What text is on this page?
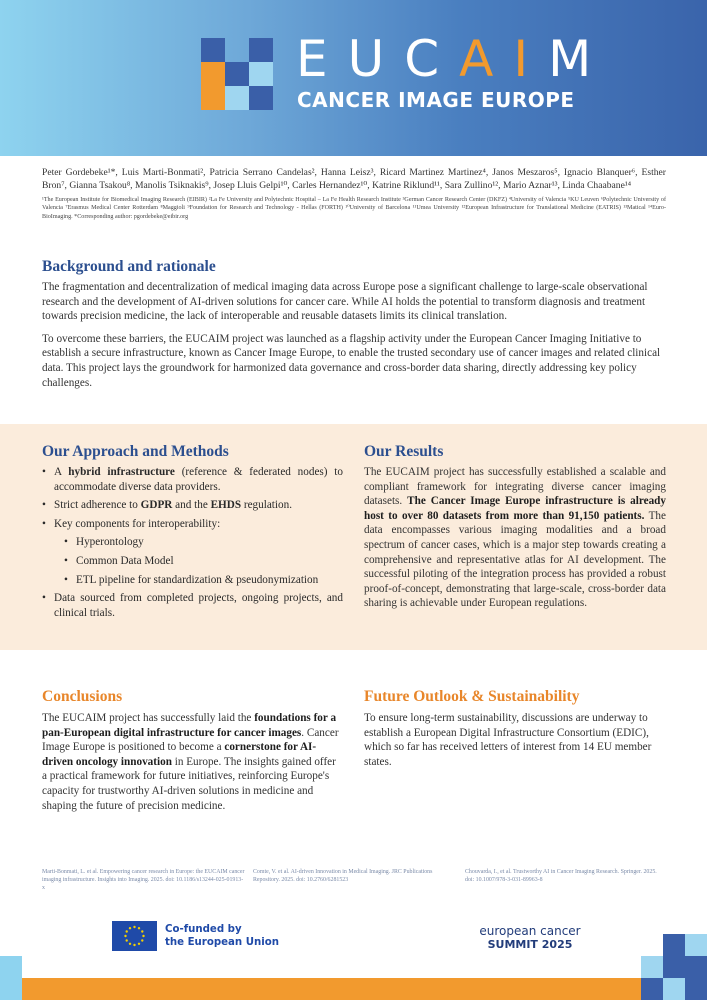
EUCAIM
CANCER IMAGE EUROPE
Peter Gordebeke¹*, Luis Marti-Bonmati², Patricia Serrano Candelas², Hanna Leisz³, Ricard Martinez Martinez⁴, Janos Meszaros⁵, Ignacio Blanquer⁶, Esther Bron⁷, Gianna Tsakou⁸, Manolis Tsiknakis⁹, Josep Lluis Gelpi¹⁰, Carles Hernandez¹⁰, Katrine Riklund¹¹, Sara Zullino¹², Mario Aznar¹³, Linda Chaabane¹⁴
¹The European Institute for Biomedical Imaging Research (EIBIR) ²La Fe University and Polytechnic Hospital – La Fe Health Research Institute ³German Cancer Research Center (DKFZ) ⁴University of Valencia ⁵KU Leuven ⁶Polytechnic University of Valencia ⁷Erasmus Medical Center Rotterdam ⁸Maggioli ⁹Foundation for Research and Technology - Hellas (FORTH) ¹⁰University of Barcelona ¹¹Umea University ¹²European Infrastructure for Translational Medicine (EATRIS) ¹³Matical ¹⁴Euro-BioImaging. *Corresponding author: pgordebeke@eibir.org
Background and rationale

The fragmentation and decentralization of medical imaging data across Europe pose a significant challenge to large-scale observational research and the development of AI-driven solutions for cancer care. While AI holds the potential to transform diagnosis and treatment towards precision medicine, the lack of interoperable and reusable datasets limits its clinical translation.

To overcome these barriers, the EUCAIM project was launched as a flagship activity under the European Cancer Imaging Initiative to establish a secure infrastructure, known as Cancer Image Europe, to enable the trusted secondary use of cancer images and related clinical data. This project lays the groundwork for harmonized data governance and cross-border data sharing, directly addressing key policy challenges.

Our Approach and Methods
• A hybrid infrastructure (reference & federated nodes) to accommodate diverse data providers.
• Strict adherence to GDPR and the EHDS regulation.
• Key components for interoperability:
• Hyperontology
• Common Data Model
• ETL pipeline for standardization & pseudonymization
• Data sourced from completed projects, ongoing projects, and clinical trials.
Our Results

The EUCAIM project has successfully established a scalable and compliant framework for integrating diverse cancer imaging datasets. The Cancer Image Europe infrastructure is already host to over 80 datasets from more than 91,150 patients. The data encompasses various imaging modalities and a broad spectrum of cancer cases, which is a major step towards creating a comprehensive and representative atlas for AI development. The successful piloting of the integration process has provided a robust proof-of-concept, demonstrating that large-scale, cross-border data sharing is achievable under European regulations.

Conclusions

The EUCAIM project has successfully laid the foundations for a pan-European digital infrastructure for cancer images. Cancer Image Europe is positioned to become a cornerstone for AI-driven oncology innovation in Europe. The insights gained offer a practical framework for future initiatives, reinforcing Europe's capacity for trustworthy AI-driven solutions in medicine and shaping the future of precision medicine.

Future Outlook & Sustainability

To ensure long-term sustainability, discussions are underway to establish a European Digital Infrastructure Consortium (EDIC), which so far has received letters of interest from 14 EU member states.

Marti-Bonmati, L. et al. Empowering cancer research in Europe: the EUCAIM cancer imaging infrastructure. Insights into Imaging. 2025. doi: 10.1186/s13244-025-01913-x
Comte, V. et al. AI-driven Innovation in Medical Imaging. JRC Publications Repository. 2025. doi: 10.2760/6281523
Chouvarda, I., et al. Trustworthy AI in Cancer Imaging Research. Springer. 2025. doi: 10.1007/978-3-031-89963-8
Co-funded by
the European Union
european cancer
SUMMIT 2025
